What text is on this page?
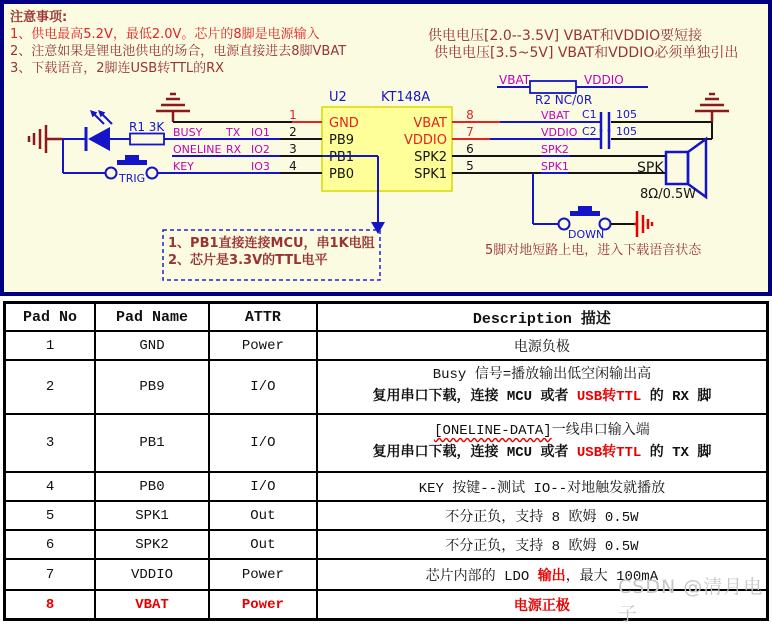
注意事项:
1、供电最高5.2V，最低2.0V。芯片的8脚是电源输入
2、注意如果是锂电池供电的场合，电源直接进去8脚VBAT
3、下载语音，2脚连USB转TTL的RX
供电电压[2.0--3.5V] VBAT和VDDIO要短接
供电电压[3.5~5V] VBAT和VDDIO必须单独引出
U2	KT148A
GND
PB9
PB1
PB0
VBAT
VDDIO
SPK2
SPK1
1
2
3
4
8
7
6
5
R1 3K
TRIG
BUSY TX IO1
ONELINE RX IO2
KEY	IO3
VBAT	VDDIO
R2 NC/0R
VBAT
VDDIO
SPK2
SPK1
C1 105
C2 105
SPK
8Ω/0.5W
DOWN
5脚对地短路上电，进入下载语音状态
1、PB1直接连接MCU，串1K电阻
2、芯片是3.3V的TTL电平
Pad No	Pad Name	ATTR	Description 描述
1	GND	Power	电源负极
2	PB9	I/O	Busy 信号=播放输出低空闲输出高
复用串口下载，连接 MCU 或者 USB转TTL 的 RX 脚

3	PB1	I/O	[ONELINE-DATA]一线串口输入端
复用串口下载，连接 MCU 或者 USB转TTL 的 TX 脚

4	PB0	I/O	KEY 按键--测试 IO--对地触发就播放
5	SPK1	Out	不分正负，支持 8 欧姆 0.5W
6	SPK2	Out	不分正负，支持 8 欧姆 0.5W
7	VDDIO	Power	芯片内部的 LDO 输出，最大 100mA
8	VBAT	Power	电源正极
CSDN @清月电子
